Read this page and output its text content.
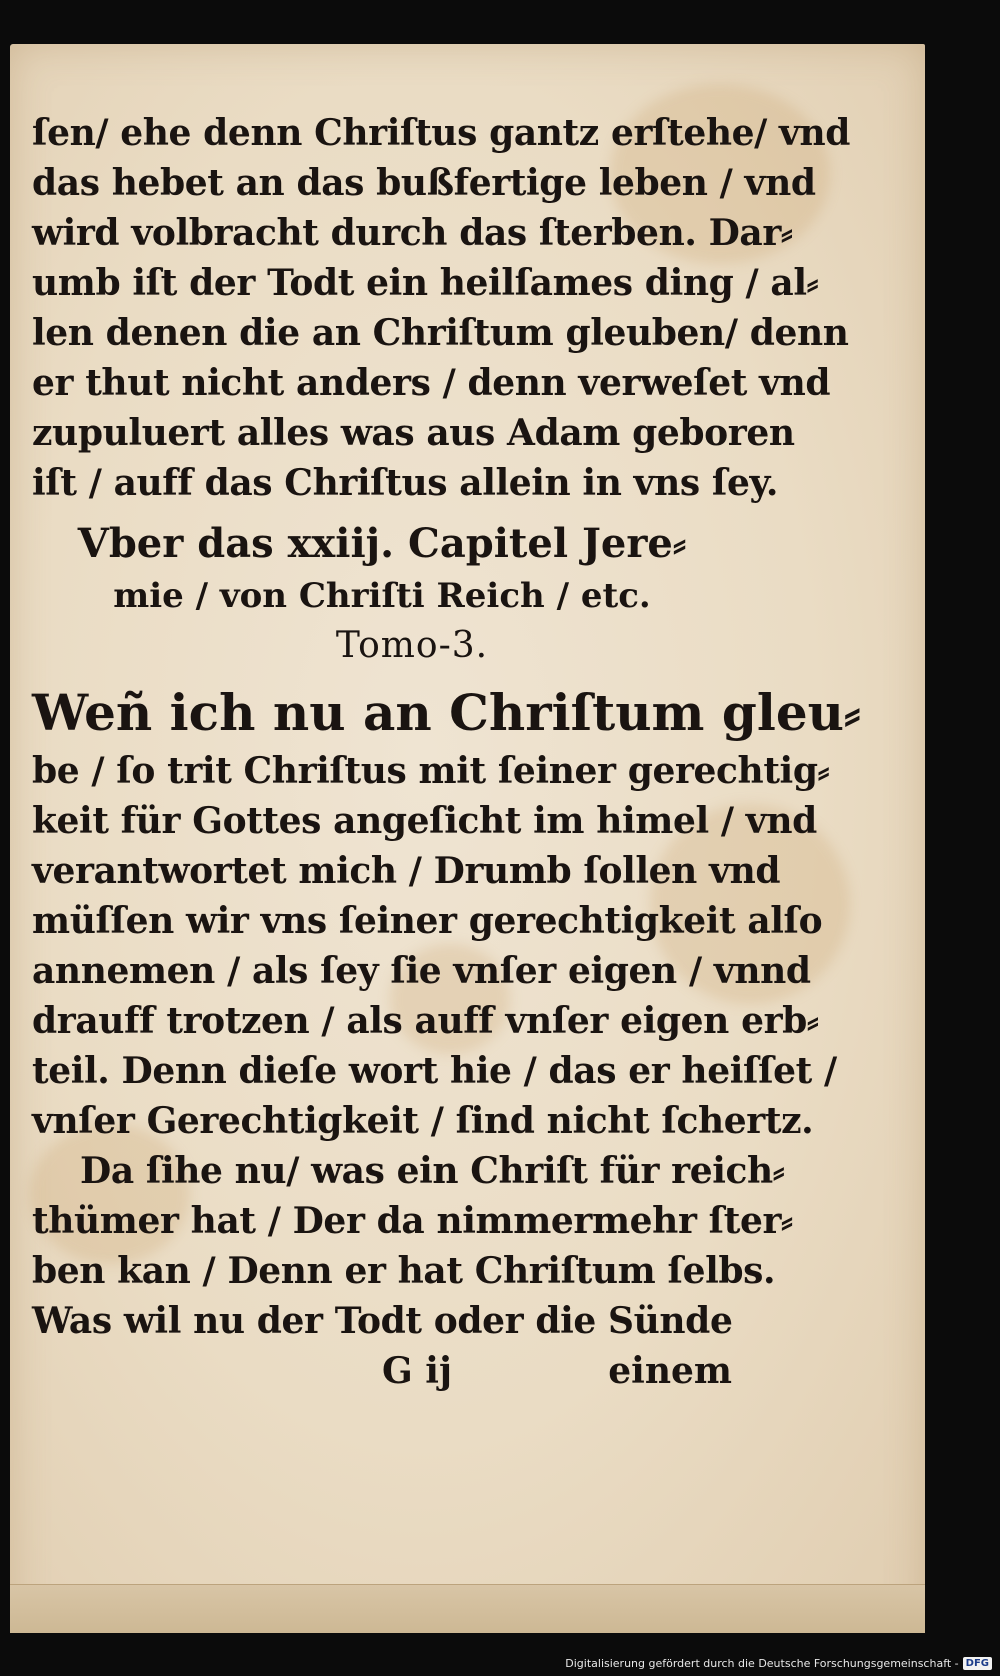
ſen/ ehe denn Chriſtus gantz erſtehe/ vnd
das hebet an das bußfertige leben / vnd
wird volbracht durch das ſterben. Dar⸗
umb iſt der Todt ein heilſames ding / al⸗
len denen die an Chriſtum gleuben/ denn
er thut nicht anders / denn verweſet vnd
zupuluert alles was aus Adam geboren
iſt / auff das Chriſtus allein in vns ſey.
Vber das xxiij. Capitel Jere⸗
mie / von Chriſti Reich / etc.
Tomo-3.
Weñ ich nu an Chriſtum gleu⸗
be / ſo trit Chriſtus mit ſeiner gerechtig⸗
keit für Gottes angeſicht im himel / vnd
verantwortet mich / Drumb ſollen vnd
müſſen wir vns ſeiner gerechtigkeit alſo
annemen / als ſey ſie vnſer eigen / vnnd
drauff trotzen / als auff vnſer eigen erb⸗
teil. Denn dieſe wort hie / das er heiſſet /
vnſer Gerechtigkeit / ſind nicht ſchertz.
Da ſihe nu/ was ein Chriſt für reich⸗
thümer hat / Der da nimmermehr ſter⸗
ben kan / Denn er hat Chriſtum ſelbs.
Was wil nu der Todt oder die Sünde
G ij	einem
Digitalisierung gefördert durch die Deutsche Forschungsgemeinschaft - DFG
